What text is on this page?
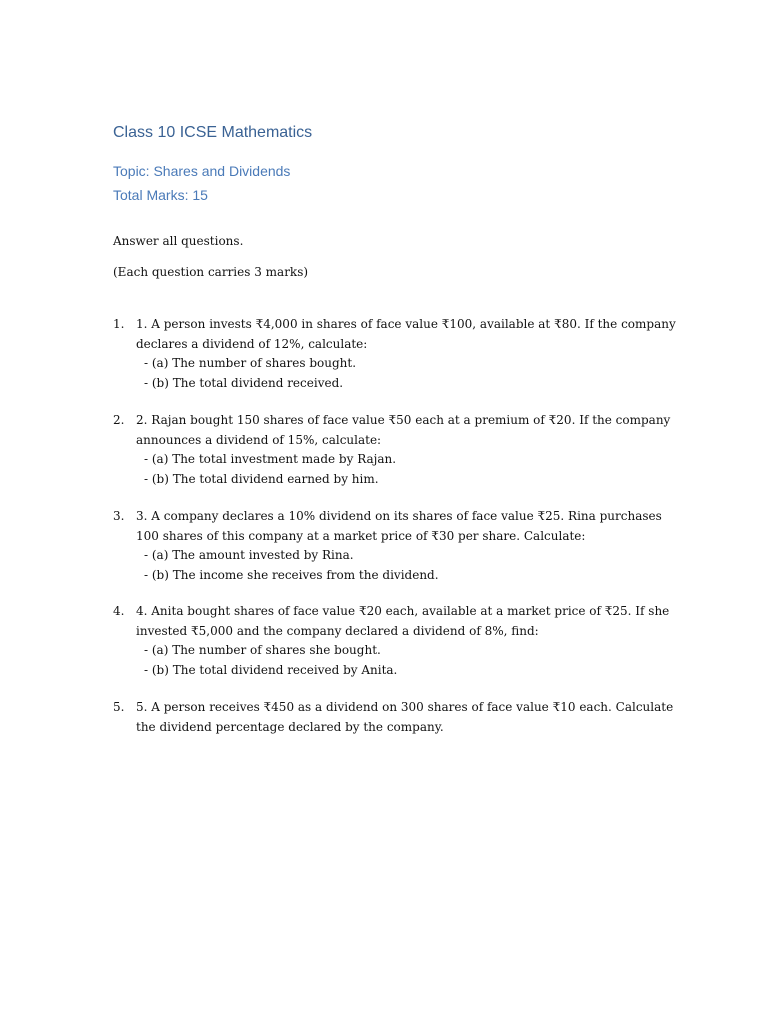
Class 10 ICSE Mathematics
Topic: Shares and Dividends
Total Marks: 15
Answer all questions.
(Each question carries 3 marks)
1. 1. A person invests ₹4,000 in shares of face value ₹100, available at ₹80. If the company
declares a dividend of 12%, calculate:
- (a) The number of shares bought.
- (b) The total dividend received.
2. 2. Rajan bought 150 shares of face value ₹50 each at a premium of ₹20. If the company
announces a dividend of 15%, calculate:
- (a) The total investment made by Rajan.
- (b) The total dividend earned by him.
3. 3. A company declares a 10% dividend on its shares of face value ₹25. Rina purchases
100 shares of this company at a market price of ₹30 per share. Calculate:
- (a) The amount invested by Rina.
- (b) The income she receives from the dividend.
4. 4. Anita bought shares of face value ₹20 each, available at a market price of ₹25. If she
invested ₹5,000 and the company declared a dividend of 8%, find:
- (a) The number of shares she bought.
- (b) The total dividend received by Anita.
5. 5. A person receives ₹450 as a dividend on 300 shares of face value ₹10 each. Calculate
the dividend percentage declared by the company.
